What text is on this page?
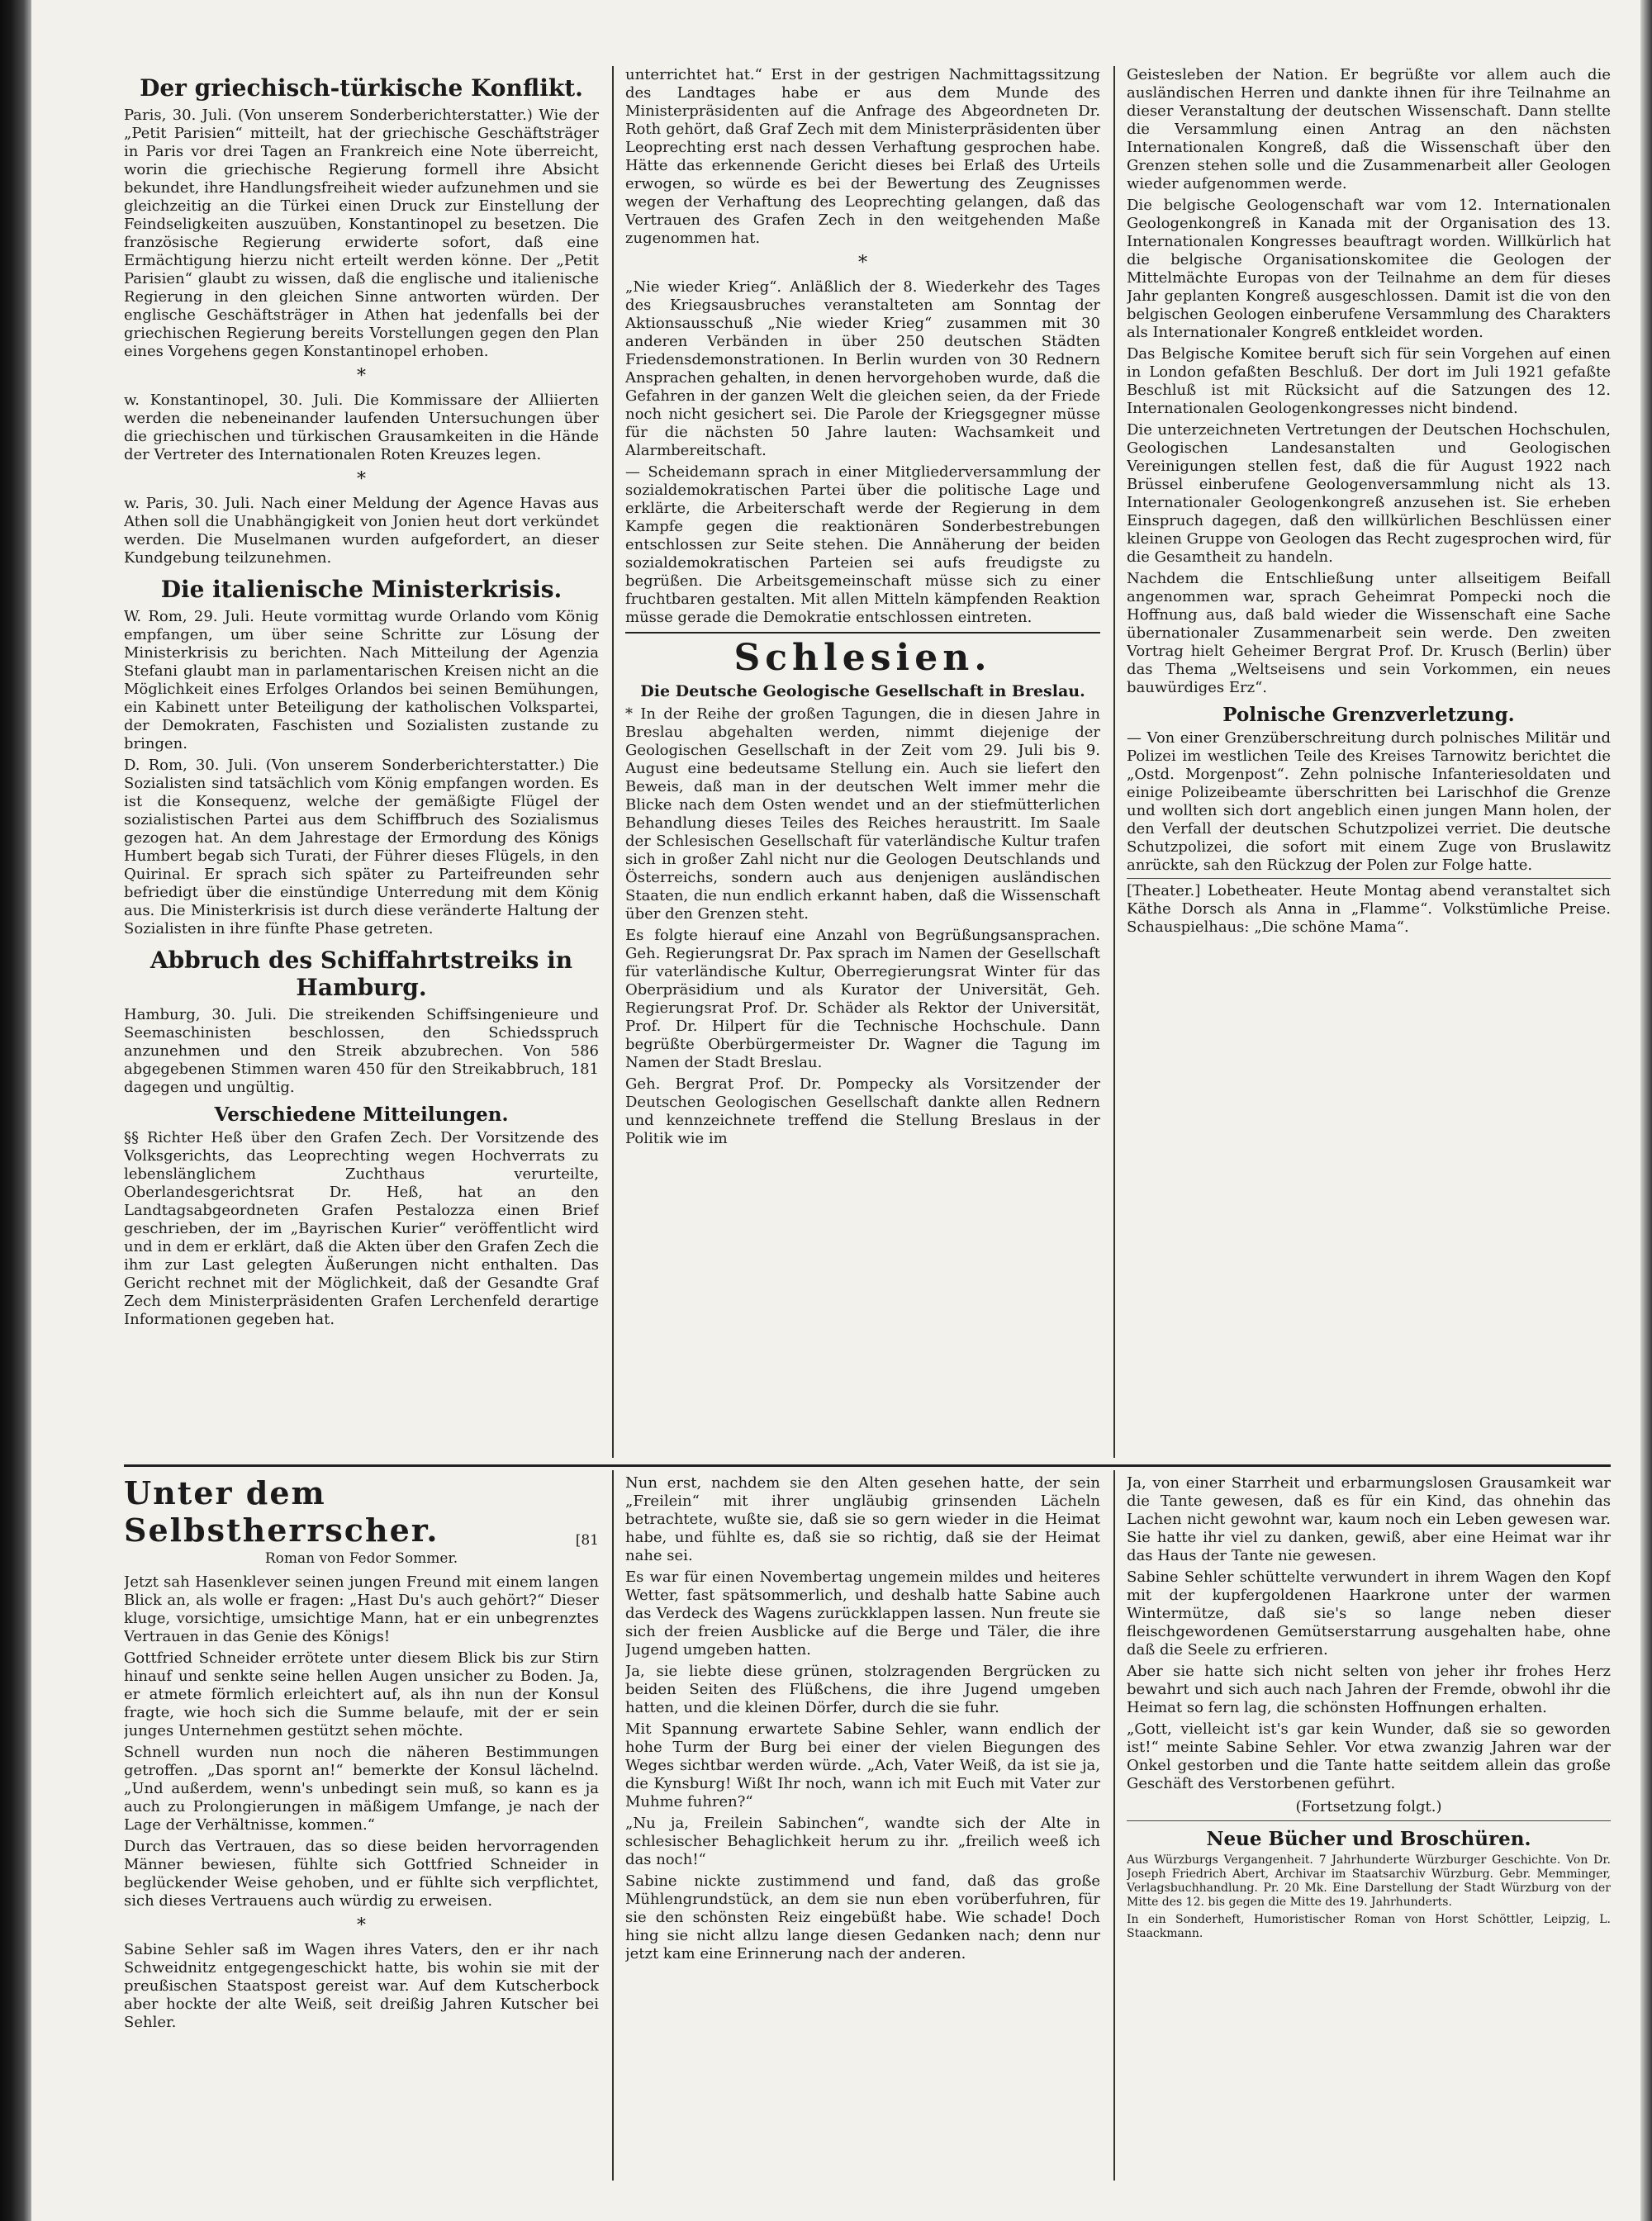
Der griechisch-türkische Konflikt.

Paris, 30. Juli. (Von unserem Sonderberichterstatter.) Wie der „Petit Parisien“ mitteilt, hat der griechische Geschäftsträger in Paris vor drei Tagen an Frankreich eine Note überreicht, worin die griechische Regierung formell ihre Absicht bekundet, ihre Handlungsfreiheit wieder aufzunehmen und sie gleichzeitig an die Türkei einen Druck zur Einstellung der Feindseligkeiten auszuüben, Konstantinopel zu besetzen. Die französische Regierung erwiderte sofort, daß eine Ermächtigung hierzu nicht erteilt werden könne. Der „Petit Parisien“ glaubt zu wissen, daß die englische und italienische Regierung in den gleichen Sinne antworten würden. Der englische Geschäftsträger in Athen hat jedenfalls bei der griechischen Regierung bereits Vorstellungen gegen den Plan eines Vorgehens gegen Konstantinopel erhoben.

*

w. Konstantinopel, 30. Juli. Die Kommissare der Alliierten werden die nebeneinander laufenden Untersuchungen über die griechischen und türkischen Grausamkeiten in die Hände der Vertreter des Internationalen Roten Kreuzes legen.

*

w. Paris, 30. Juli. Nach einer Meldung der Agence Havas aus Athen soll die Unabhängigkeit von Jonien heut dort verkündet werden. Die Muselmanen wurden aufgefordert, an dieser Kundgebung teilzunehmen.

Die italienische Ministerkrisis.

W. Rom, 29. Juli. Heute vormittag wurde Orlando vom König empfangen, um über seine Schritte zur Lösung der Ministerkrisis zu berichten. Nach Mitteilung der Agenzia Stefani glaubt man in parlamentarischen Kreisen nicht an die Möglichkeit eines Erfolges Orlandos bei seinen Bemühungen, ein Kabinett unter Beteiligung der katholischen Volkspartei, der Demokraten, Faschisten und Sozialisten zustande zu bringen.

D. Rom, 30. Juli. (Von unserem Sonderberichterstatter.) Die Sozialisten sind tatsächlich vom König empfangen worden. Es ist die Konsequenz, welche der gemäßigte Flügel der sozialistischen Partei aus dem Schiffbruch des Sozialismus gezogen hat. An dem Jahrestage der Ermordung des Königs Humbert begab sich Turati, der Führer dieses Flügels, in den Quirinal. Er sprach sich später zu Parteifreunden sehr befriedigt über die einstündige Unterredung mit dem König aus. Die Ministerkrisis ist durch diese veränderte Haltung der Sozialisten in ihre fünfte Phase getreten.

Abbruch des Schiffahrtstreiks in Hamburg.

Hamburg, 30. Juli. Die streikenden Schiffsingenieure und Seemaschinisten beschlossen, den Schiedsspruch anzunehmen und den Streik abzubrechen. Von 586 abgegebenen Stimmen waren 450 für den Streikabbruch, 181 dagegen und ungültig.

Verschiedene Mitteilungen.

§§ Richter Heß über den Grafen Zech. Der Vorsitzende des Volksgerichts, das Leoprechting wegen Hochverrats zu lebenslänglichem Zuchthaus verurteilte, Oberlandesgerichtsrat Dr. Heß, hat an den Landtagsabgeordneten Grafen Pestalozza einen Brief geschrieben, der im „Bayrischen Kurier“ veröffentlicht wird und in dem er erklärt, daß die Akten über den Grafen Zech die ihm zur Last gelegten Äußerungen nicht enthalten. Das Gericht rechnet mit der Möglichkeit, daß der Gesandte Graf Zech dem Ministerpräsidenten Grafen Lerchenfeld derartige Informationen gegeben hat.

unterrichtet hat.“ Erst in der gestrigen Nachmittagssitzung des Landtages habe er aus dem Munde des Ministerpräsidenten auf die Anfrage des Abgeordneten Dr. Roth gehört, daß Graf Zech mit dem Ministerpräsidenten über Leoprechting erst nach dessen Verhaftung gesprochen habe. Hätte das erkennende Gericht dieses bei Erlaß des Urteils erwogen, so würde es bei der Bewertung des Zeugnisses wegen der Verhaftung des Leoprechting gelangen, daß das Vertrauen des Grafen Zech in den weitgehenden Maße zugenommen hat.

*

„Nie wieder Krieg“. Anläßlich der 8. Wiederkehr des Tages des Kriegsausbruches veranstalteten am Sonntag der Aktionsausschuß „Nie wieder Krieg“ zusammen mit 30 anderen Verbänden in über 250 deutschen Städten Friedensdemonstrationen. In Berlin wurden von 30 Rednern Ansprachen gehalten, in denen hervorgehoben wurde, daß die Gefahren in der ganzen Welt die gleichen seien, da der Friede noch nicht gesichert sei. Die Parole der Kriegsgegner müsse für die nächsten 50 Jahre lauten: Wachsamkeit und Alarmbereitschaft.

— Scheidemann sprach in einer Mitgliederversammlung der sozialdemokratischen Partei über die politische Lage und erklärte, die Arbeiterschaft werde der Regierung in dem Kampfe gegen die reaktionären Sonderbestrebungen entschlossen zur Seite stehen. Die Annäherung der beiden sozialdemokratischen Parteien sei aufs freudigste zu begrüßen. Die Arbeitsgemeinschaft müsse sich zu einer fruchtbaren gestalten. Mit allen Mitteln kämpfenden Reaktion müsse gerade die Demokratie entschlossen eintreten.

Schlesien.
Die Deutsche Geologische Gesellschaft in Breslau.

* In der Reihe der großen Tagungen, die in diesen Jahre in Breslau abgehalten werden, nimmt diejenige der Geologischen Gesellschaft in der Zeit vom 29. Juli bis 9. August eine bedeutsame Stellung ein. Auch sie liefert den Beweis, daß man in der deutschen Welt immer mehr die Blicke nach dem Osten wendet und an der stiefmütterlichen Behandlung dieses Teiles des Reiches heraustritt. Im Saale der Schlesischen Gesellschaft für vaterländische Kultur trafen sich in großer Zahl nicht nur die Geologen Deutschlands und Österreichs, sondern auch aus denjenigen ausländischen Staaten, die nun endlich erkannt haben, daß die Wissenschaft über den Grenzen steht.

Es folgte hierauf eine Anzahl von Begrüßungsansprachen. Geh. Regierungsrat Dr. Pax sprach im Namen der Gesellschaft für vaterländische Kultur, Oberregierungsrat Winter für das Oberpräsidium und als Kurator der Universität, Geh. Regierungsrat Prof. Dr. Schäder als Rektor der Universität, Prof. Dr. Hilpert für die Technische Hochschule. Dann begrüßte Oberbürgermeister Dr. Wagner die Tagung im Namen der Stadt Breslau.

Geh. Bergrat Prof. Dr. Pompecky als Vorsitzender der Deutschen Geologischen Gesellschaft dankte allen Rednern und kennzeichnete treffend die Stellung Breslaus in der Politik wie im

Geistesleben der Nation. Er begrüßte vor allem auch die ausländischen Herren und dankte ihnen für ihre Teilnahme an dieser Veranstaltung der deutschen Wissenschaft. Dann stellte die Versammlung einen Antrag an den nächsten Internationalen Kongreß, daß die Wissenschaft über den Grenzen stehen solle und die Zusammenarbeit aller Geologen wieder aufgenommen werde.

Die belgische Geologenschaft war vom 12. Internationalen Geologenkongreß in Kanada mit der Organisation des 13. Internationalen Kongresses beauftragt worden. Willkürlich hat die belgische Organisationskomitee die Geologen der Mittelmächte Europas von der Teilnahme an dem für dieses Jahr geplanten Kongreß ausgeschlossen. Damit ist die von den belgischen Geologen einberufene Versammlung des Charakters als Internationaler Kongreß entkleidet worden.

Das Belgische Komitee beruft sich für sein Vorgehen auf einen in London gefaßten Beschluß. Der dort im Juli 1921 gefaßte Beschluß ist mit Rücksicht auf die Satzungen des 12. Internationalen Geologenkongresses nicht bindend.

Die unterzeichneten Vertretungen der Deutschen Hochschulen, Geologischen Landesanstalten und Geologischen Vereinigungen stellen fest, daß die für August 1922 nach Brüssel einberufene Geologenversammlung nicht als 13. Internationaler Geologenkongreß anzusehen ist. Sie erheben Einspruch dagegen, daß den willkürlichen Beschlüssen einer kleinen Gruppe von Geologen das Recht zugesprochen wird, für die Gesamtheit zu handeln.

Nachdem die Entschließung unter allseitigem Beifall angenommen war, sprach Geheimrat Pompecki noch die Hoffnung aus, daß bald wieder die Wissenschaft eine Sache übernationaler Zusammenarbeit sein werde. Den zweiten Vortrag hielt Geheimer Bergrat Prof. Dr. Krusch (Berlin) über das Thema „Weltseisens und sein Vorkommen, ein neues bauwürdiges Erz“.

Polnische Grenzverletzung.

— Von einer Grenzüberschreitung durch polnisches Militär und Polizei im westlichen Teile des Kreises Tarnowitz berichtet die „Ostd. Morgenpost“. Zehn polnische Infanteriesoldaten und einige Polizeibeamte überschritten bei Larischhof die Grenze und wollten sich dort angeblich einen jungen Mann holen, der den Verfall der deutschen Schutzpolizei verriet. Die deutsche Schutzpolizei, die sofort mit einem Zuge von Bruslawitz anrückte, sah den Rückzug der Polen zur Folge hatte.

[Theater.] Lobetheater. Heute Montag abend veranstaltet sich Käthe Dorsch als Anna in „Flamme“. Volkstümliche Preise. Schauspielhaus: „Die schöne Mama“.

Unter dem Selbstherrscher.	[81
Roman von Fedor Sommer.

Jetzt sah Hasenklever seinen jungen Freund mit einem langen Blick an, als wolle er fragen: „Hast Du's auch gehört?“ Dieser kluge, vorsichtige, umsichtige Mann, hat er ein unbegrenztes Vertrauen in das Genie des Königs!

Gottfried Schneider errötete unter diesem Blick bis zur Stirn hinauf und senkte seine hellen Augen unsicher zu Boden. Ja, er atmete förmlich erleichtert auf, als ihn nun der Konsul fragte, wie hoch sich die Summe belaufe, mit der er sein junges Unternehmen gestützt sehen möchte.

Schnell wurden nun noch die näheren Bestimmungen getroffen. „Das spornt an!“ bemerkte der Konsul lächelnd. „Und außerdem, wenn's unbedingt sein muß, so kann es ja auch zu Prolongierungen in mäßigem Umfange, je nach der Lage der Verhältnisse, kommen.“

Durch das Vertrauen, das so diese beiden hervorragenden Männer bewiesen, fühlte sich Gottfried Schneider in beglückender Weise gehoben, und er fühlte sich verpflichtet, sich dieses Vertrauens auch würdig zu erweisen.

*

Sabine Sehler saß im Wagen ihres Vaters, den er ihr nach Schweidnitz entgegengeschickt hatte, bis wohin sie mit der preußischen Staatspost gereist war. Auf dem Kutscherbock aber hockte der alte Weiß, seit dreißig Jahren Kutscher bei Sehler.

Nun erst, nachdem sie den Alten gesehen hatte, der sein „Freilein“ mit ihrer ungläubig grinsenden Lächeln betrachtete, wußte sie, daß sie so gern wieder in die Heimat habe, und fühlte es, daß sie so richtig, daß sie der Heimat nahe sei.

Es war für einen Novembertag ungemein mildes und heiteres Wetter, fast spätsommerlich, und deshalb hatte Sabine auch das Verdeck des Wagens zurückklappen lassen. Nun freute sie sich der freien Ausblicke auf die Berge und Täler, die ihre Jugend umgeben hatten.

Ja, sie liebte diese grünen, stolzragenden Bergrücken zu beiden Seiten des Flüßchens, die ihre Jugend umgeben hatten, und die kleinen Dörfer, durch die sie fuhr.

Mit Spannung erwartete Sabine Sehler, wann endlich der hohe Turm der Burg bei einer der vielen Biegungen des Weges sichtbar werden würde. „Ach, Vater Weiß, da ist sie ja, die Kynsburg! Wißt Ihr noch, wann ich mit Euch mit Vater zur Muhme fuhren?“

„Nu ja, Freilein Sabinchen“, wandte sich der Alte in schlesischer Behaglichkeit herum zu ihr. „freilich weeß ich das noch!“

Sabine nickte zustimmend und fand, daß das große Mühlengrundstück, an dem sie nun eben vorüberfuhren, für sie den schönsten Reiz eingebüßt habe. Wie schade! Doch hing sie nicht allzu lange diesen Gedanken nach; denn nur jetzt kam eine Erinnerung nach der anderen.

Ja, von einer Starrheit und erbarmungslosen Grausamkeit war die Tante gewesen, daß es für ein Kind, das ohnehin das Lachen nicht gewohnt war, kaum noch ein Leben gewesen war. Sie hatte ihr viel zu danken, gewiß, aber eine Heimat war ihr das Haus der Tante nie gewesen.

Sabine Sehler schüttelte verwundert in ihrem Wagen den Kopf mit der kupfergoldenen Haarkrone unter der warmen Wintermütze, daß sie's so lange neben dieser fleischgewordenen Gemütserstarrung ausgehalten habe, ohne daß die Seele zu erfrieren.

Aber sie hatte sich nicht selten von jeher ihr frohes Herz bewahrt und sich auch nach Jahren der Fremde, obwohl ihr die Heimat so fern lag, die schönsten Hoffnungen erhalten.

„Gott, vielleicht ist's gar kein Wunder, daß sie so geworden ist!“ meinte Sabine Sehler. Vor etwa zwanzig Jahren war der Onkel gestorben und die Tante hatte seitdem allein das große Geschäft des Verstorbenen geführt.

(Fortsetzung folgt.)
Neue Bücher und Broschüren.

Aus Würzburgs Vergangenheit. 7 Jahrhunderte Würzburger Geschichte. Von Dr. Joseph Friedrich Abert, Archivar im Staatsarchiv Würzburg. Gebr. Memminger, Verlagsbuchhandlung. Pr. 20 Mk. Eine Darstellung der Stadt Würzburg von der Mitte des 12. bis gegen die Mitte des 19. Jahrhunderts.

In ein Sonderheft, Humoristischer Roman von Horst Schöttler, Leipzig, L. Staackmann.
